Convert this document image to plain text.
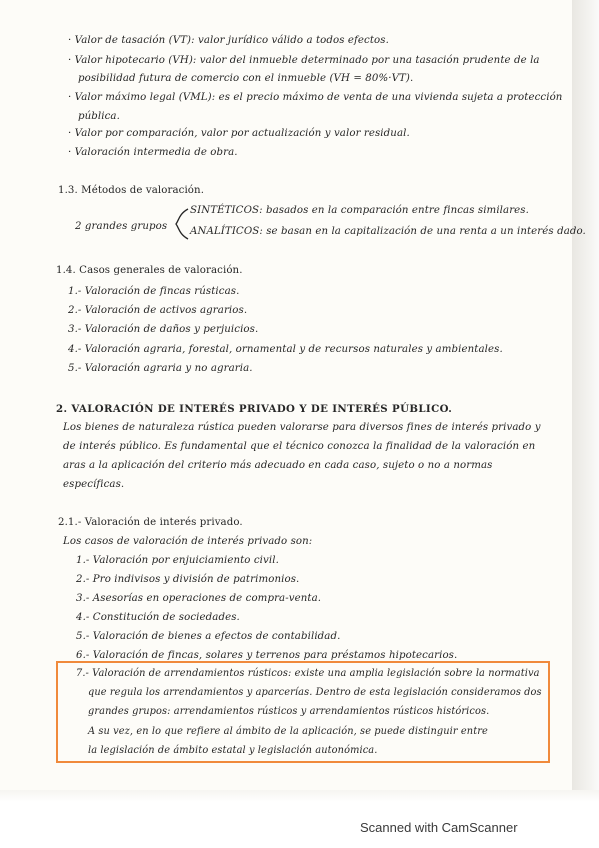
· Valor de tasación (VT): valor jurídico válido a todos efectos.
· Valor hipotecario (VH): valor del inmueble determinado por una tasación prudente de la
posibilidad futura de comercio con el inmueble (VH = 80%·VT).
· Valor máximo legal (VML): es el precio máximo de venta de una vivienda sujeta a protección
pública.
· Valor por comparación, valor por actualización y valor residual.
· Valoración intermedia de obra.
1.3. Métodos de valoración.
2 grandes grupos
SINTÉTICOS: basados en la comparación entre fincas similares.
ANALÍTICOS: se basan en la capitalización de una renta a un interés dado.
1.4. Casos generales de valoración.
1.- Valoración de fincas rústicas.
2.- Valoración de activos agrarios.
3.- Valoración de daños y perjuicios.
4.- Valoración agraria, forestal, ornamental y de recursos naturales y ambientales.
5.- Valoración agraria y no agraria.
2. VALORACIÓN DE INTERÉS PRIVADO Y DE INTERÉS PÚBLICO.
Los bienes de naturaleza rústica pueden valorarse para diversos fines de interés privado y
de interés público. Es fundamental que el técnico conozca la finalidad de la valoración en
aras a la aplicación del criterio más adecuado en cada caso, sujeto o no a normas
específicas.
2.1.- Valoración de interés privado.
Los casos de valoración de interés privado son:
1.- Valoración por enjuiciamiento civil.
2.- Pro indivisos y división de patrimonios.
3.- Asesorías en operaciones de compra-venta.
4.- Constitución de sociedades.
5.- Valoración de bienes a efectos de contabilidad.
6.- Valoración de fincas, solares y terrenos para préstamos hipotecarios.
7.- Valoración de arrendamientos rústicos: existe una amplia legislación sobre la normativa
que regula los arrendamientos y aparcerías. Dentro de esta legislación consideramos dos
grandes grupos: arrendamientos rústicos y arrendamientos rústicos históricos.
A su vez, en lo que refiere al ámbito de la aplicación, se puede distinguir entre
la legislación de ámbito estatal y legislación autonómica.
Scanned with CamScanner
